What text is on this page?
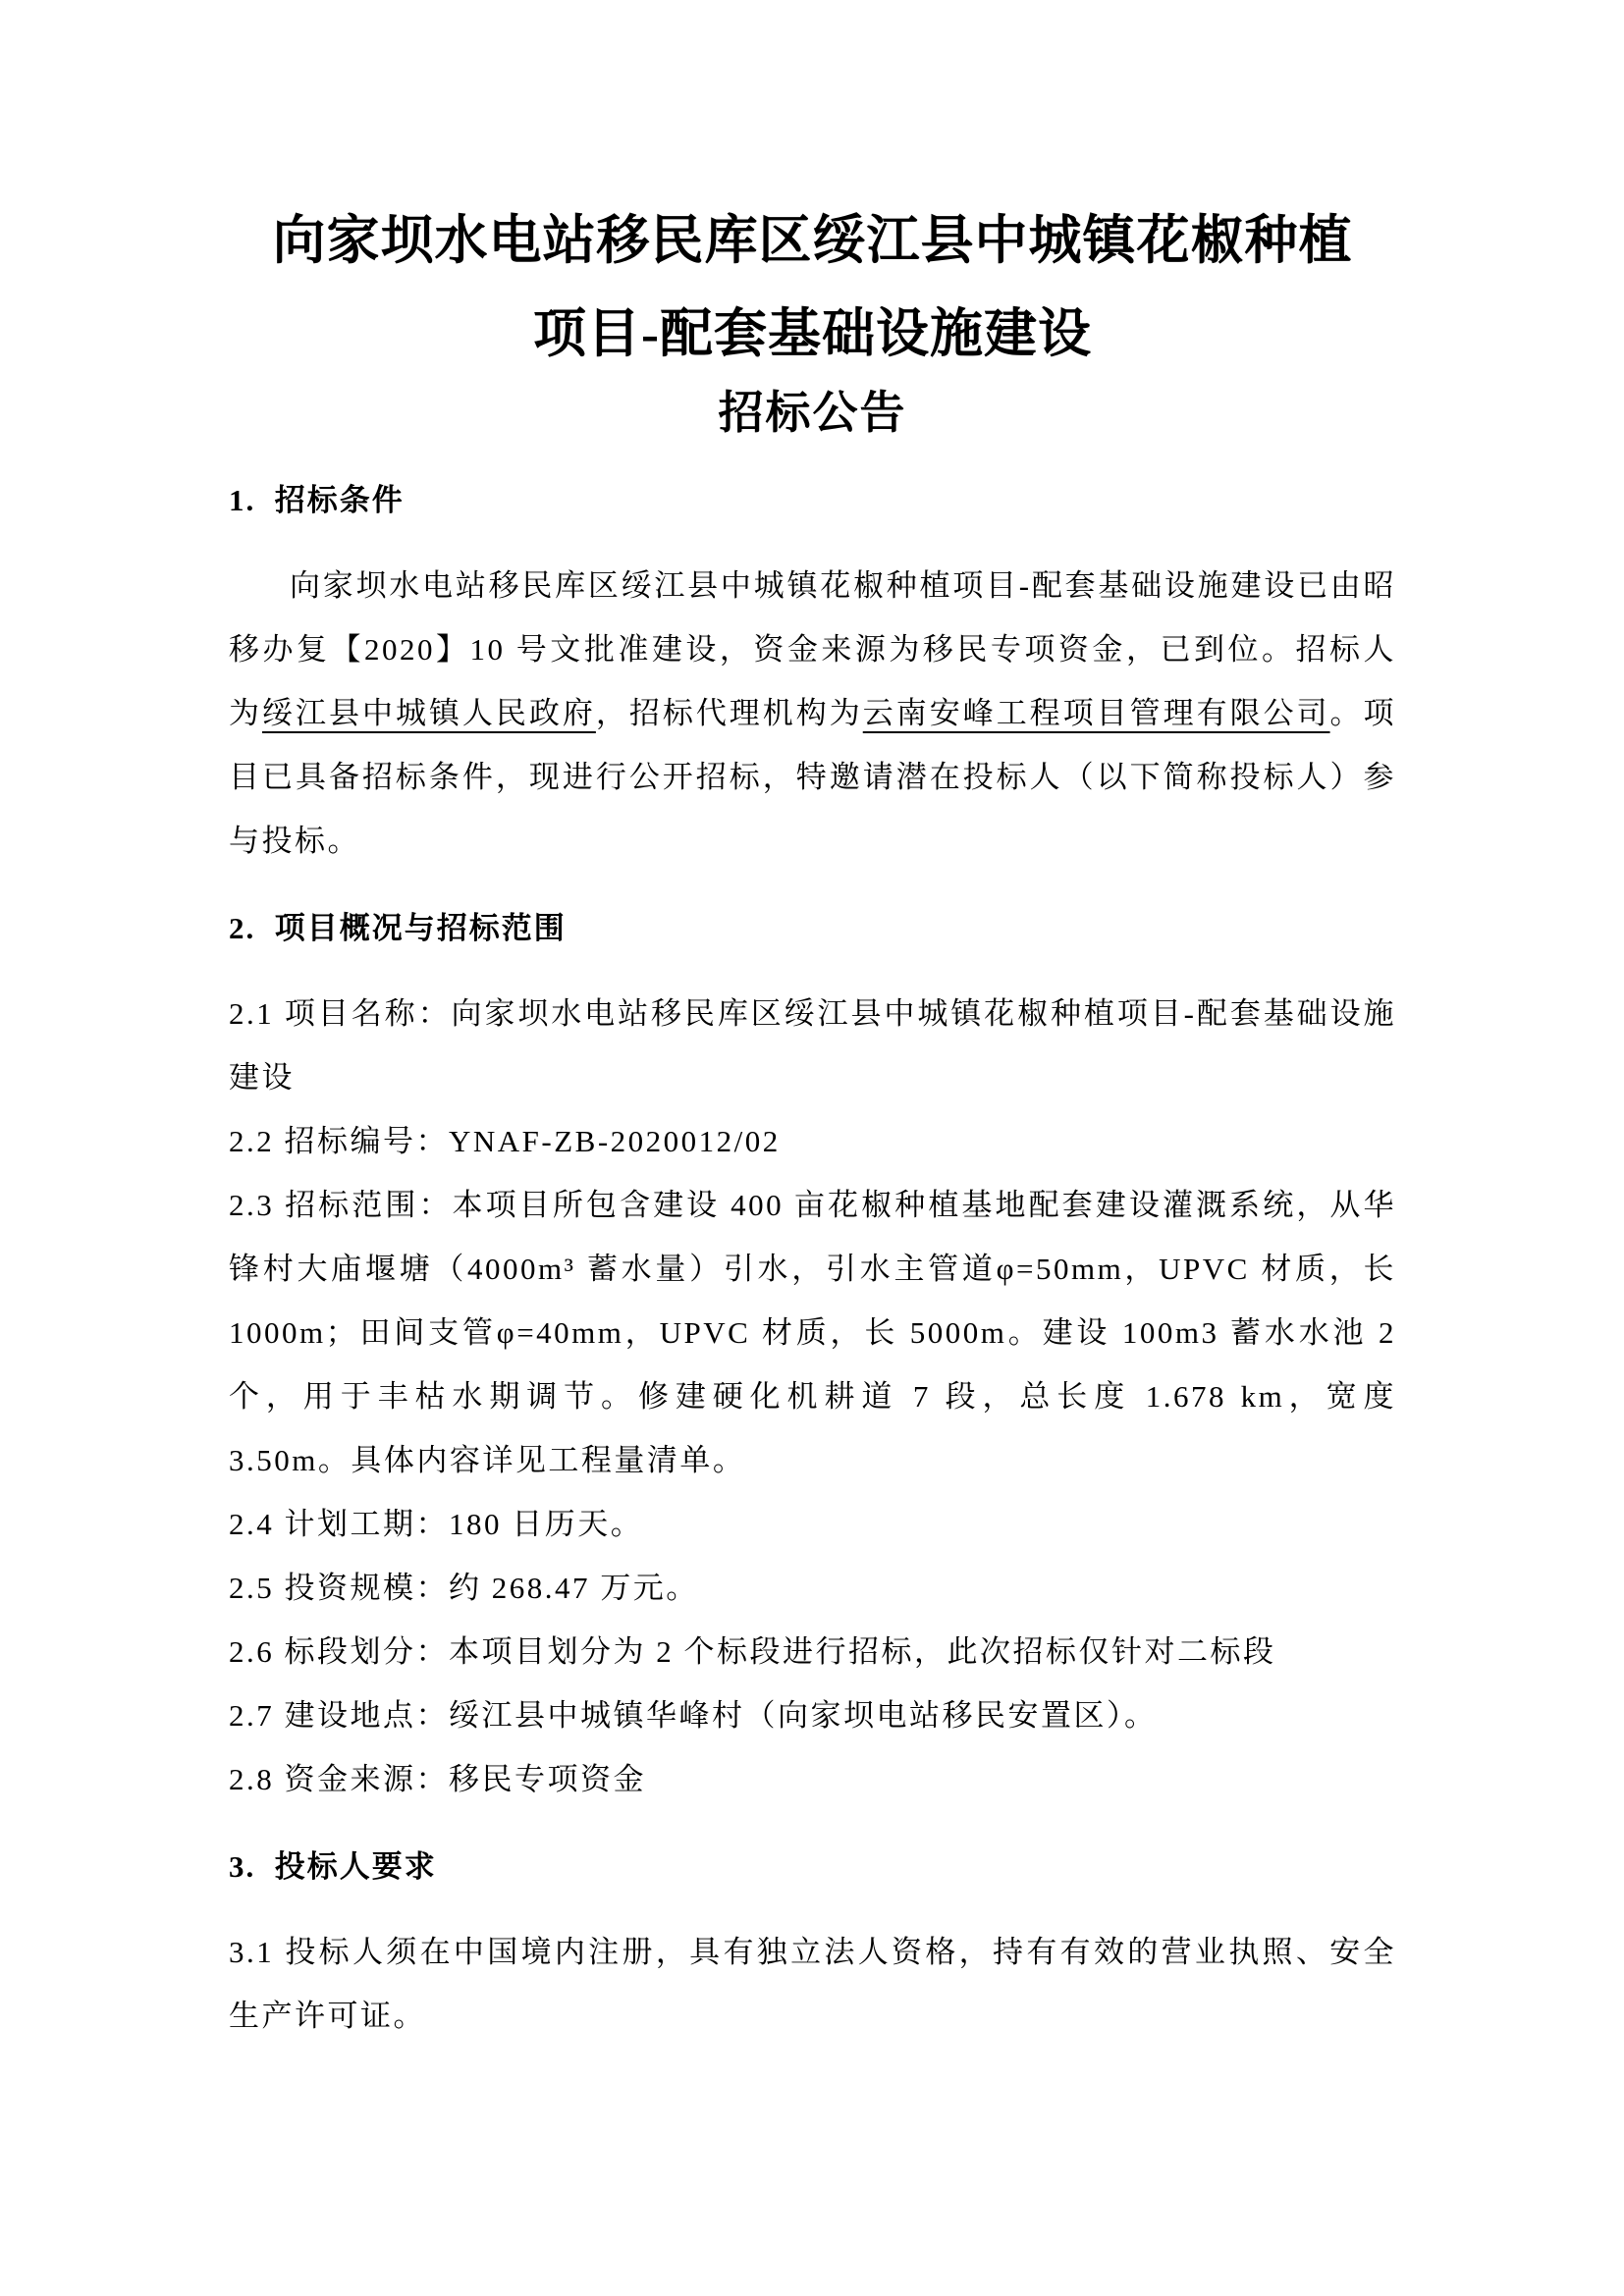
向家坝水电站移民库区绥江县中城镇花椒种植
项目-配套基础设施建设
招标公告
1.  招标条件

向家坝水电站移民库区绥江县中城镇花椒种植项目-配套基础设施建设已由昭移办复【2020】10 号文批准建设，资金来源为移民专项资金，已到位。招标人为绥江县中城镇人民政府，招标代理机构为云南安峰工程项目管理有限公司。项目已具备招标条件，现进行公开招标，特邀请潜在投标人（以下简称投标人）参与投标。

2.  项目概况与招标范围

2.1 项目名称：向家坝水电站移民库区绥江县中城镇花椒种植项目-配套基础设施建设

2.2 招标编号：YNAF-ZB-2020012/02

2.3 招标范围：本项目所包含建设 400 亩花椒种植基地配套建设灌溉系统，从华锋村大庙堰塘（4000m³ 蓄水量）引水，引水主管道φ=50mm，UPVC 材质，长 1000m；田间支管φ=40mm，UPVC 材质，长 5000m。建设 100m3 蓄水水池 2 个，用于丰枯水期调节。修建硬化机耕道 7 段，总长度 1.678 km，宽度 3.50m。具体内容详见工程量清单。

2.4 计划工期：180 日历天。

2.5 投资规模：约 268.47 万元。

2.6 标段划分：本项目划分为 2 个标段进行招标，此次招标仅针对二标段

2.7 建设地点：绥江县中城镇华峰村（向家坝电站移民安置区）。

2.8 资金来源：移民专项资金

3.  投标人要求

3.1 投标人须在中国境内注册，具有独立法人资格，持有有效的营业执照、安全生产许可证。
